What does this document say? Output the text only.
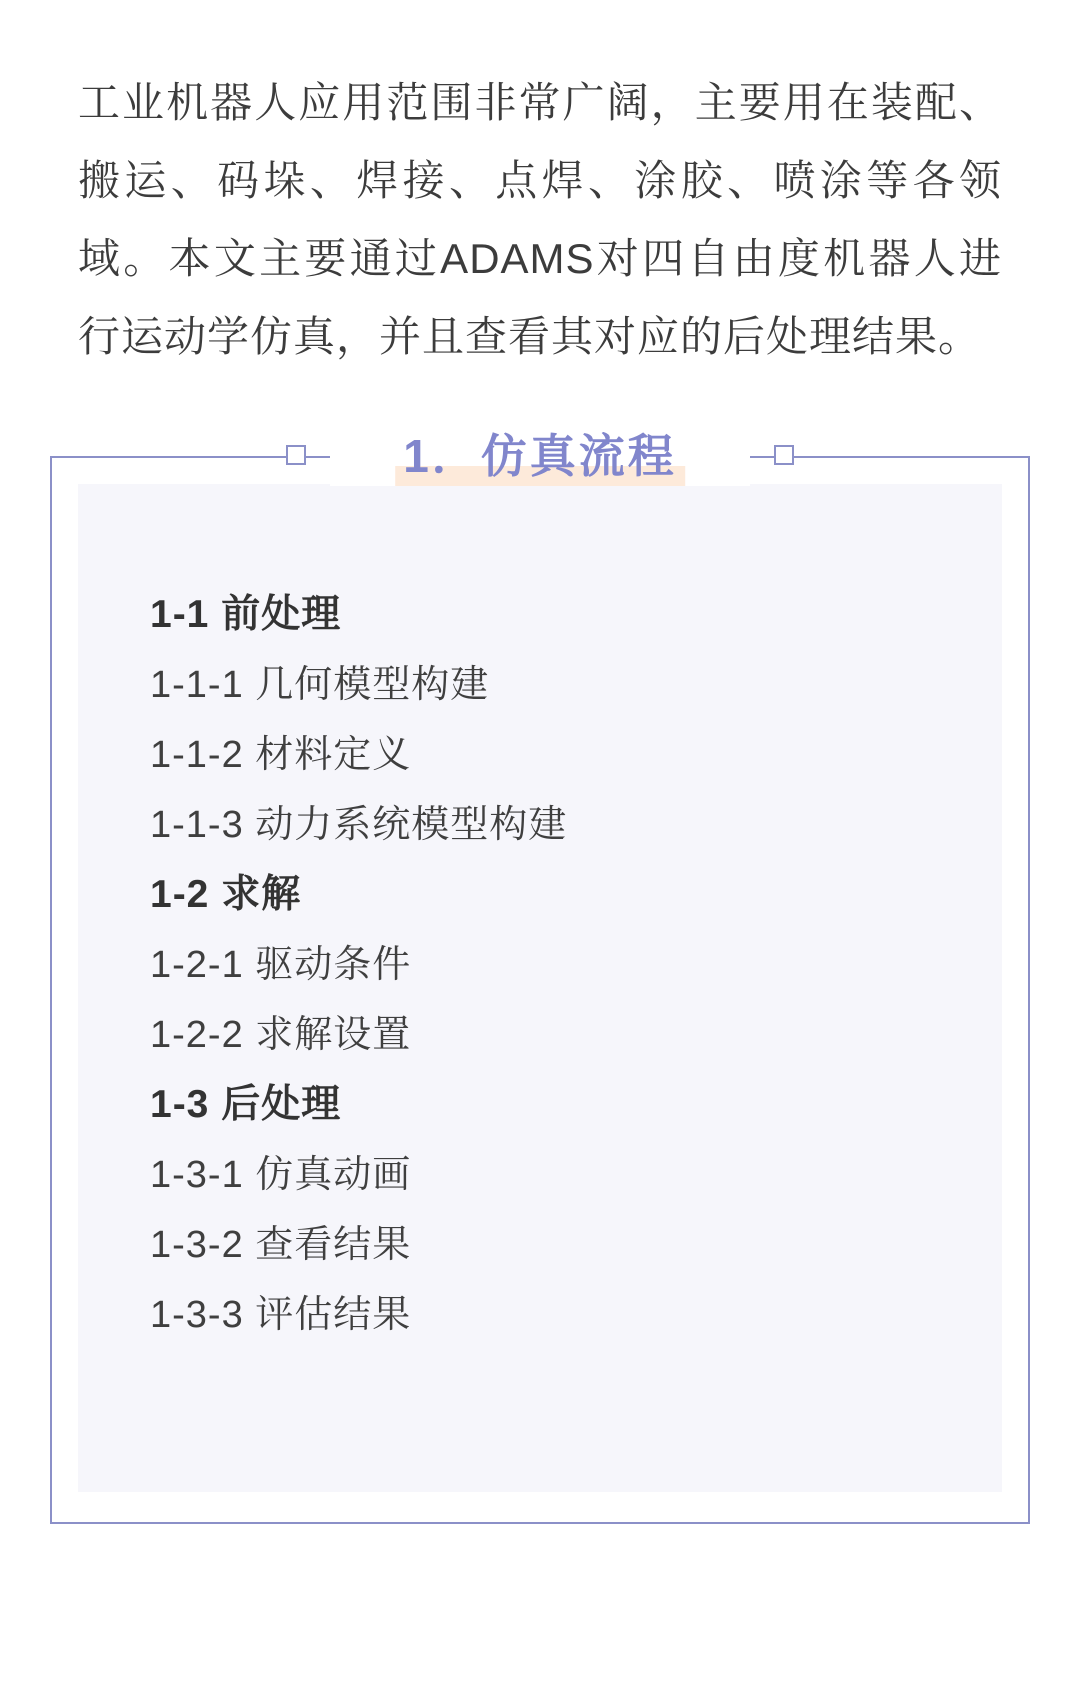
工业机器人应用范围非常广阔，主要用在装配、搬运、码垛、焊接、点焊、涂胶、喷涂等各领域。本文主要通过ADAMS对四自由度机器人进行运动学仿真，并且查看其对应的后处理结果。

1．仿真流程
1-1 前处理
1-1-1 几何模型构建
1-1-2 材料定义
1-1-3 动力系统模型构建
1-2 求解
1-2-1 驱动条件
1-2-2 求解设置
1-3 后处理
1-3-1 仿真动画
1-3-2 查看结果
1-3-3 评估结果
